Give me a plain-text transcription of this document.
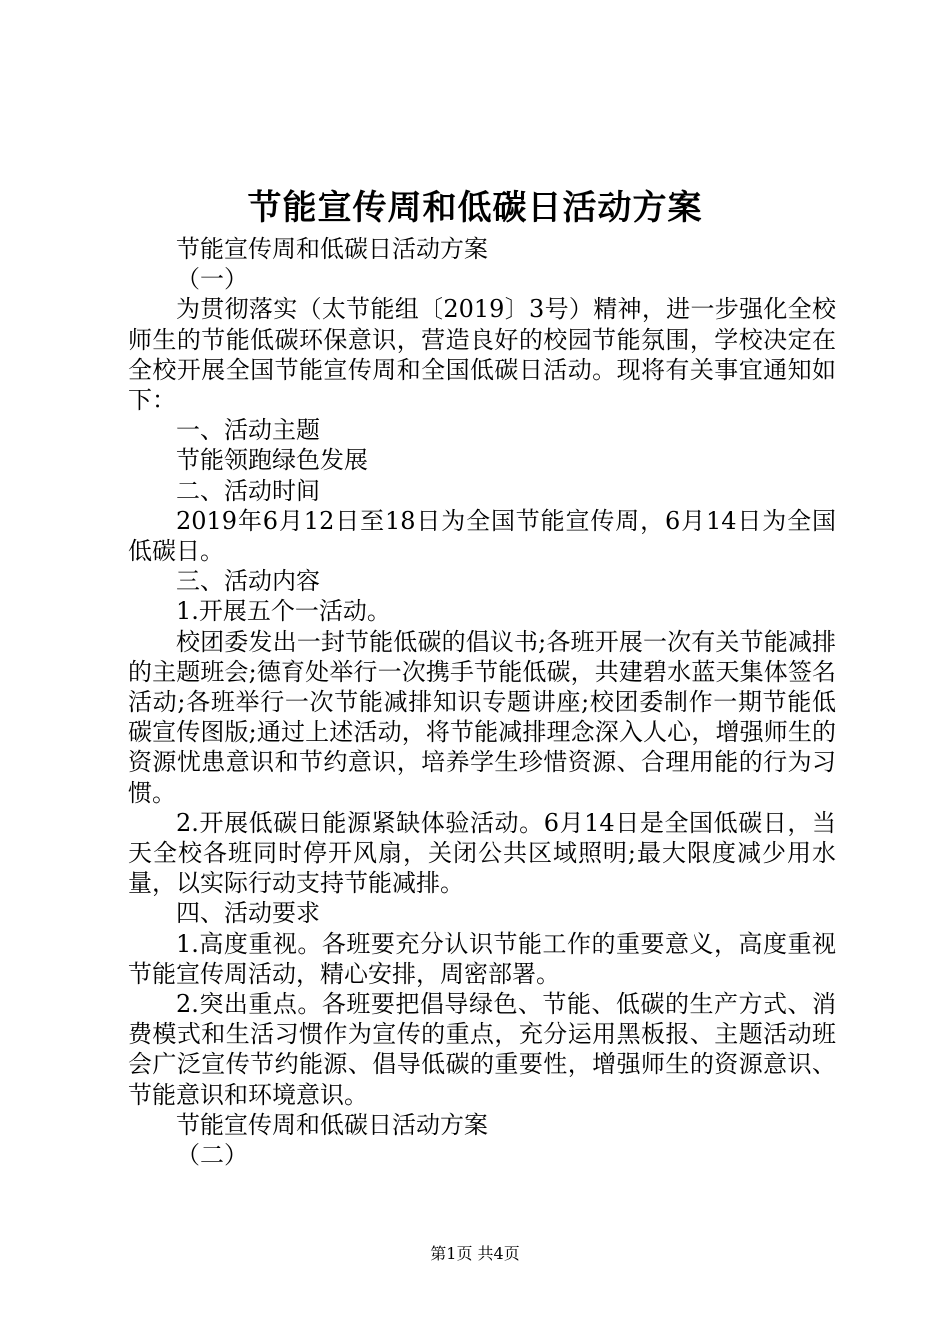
节能宣传周和低碳日活动方案

节能宣传周和低碳日活动方案

（一）

为贯彻落实（太节能组〔2019〕3号）精神，进一步强化全校师生的节能低碳环保意识，营造良好的校园节能氛围，学校决定在全校开展全国节能宣传周和全国低碳日活动。现将有关事宜通知如下：

一、活动主题

节能领跑绿色发展

二、活动时间

2019年6月12日至18日为全国节能宣传周，6月14日为全国低碳日。

三、活动内容

1.开展五个一活动。

校团委发出一封节能低碳的倡议书;各班开展一次有关节能减排的主题班会;德育处举行一次携手节能低碳，共建碧水蓝天集体签名活动;各班举行一次节能减排知识专题讲座;校团委制作一期节能低碳宣传图版;通过上述活动，将节能减排理念深入人心，增强师生的资源忧患意识和节约意识，培养学生珍惜资源、合理用能的行为习惯。

2.开展低碳日能源紧缺体验活动。6月14日是全国低碳日，当天全校各班同时停开风扇，关闭公共区域照明;最大限度减少用水量，以实际行动支持节能减排。

四、活动要求

1.高度重视。各班要充分认识节能工作的重要意义，高度重视节能宣传周活动，精心安排，周密部署。

2.突出重点。各班要把倡导绿色、节能、低碳的生产方式、消费模式和生活习惯作为宣传的重点，充分运用黑板报、主题活动班会广泛宣传节约能源、倡导低碳的重要性，增强师生的资源意识、节能意识和环境意识。

节能宣传周和低碳日活动方案

（二）

第1页 共4页
